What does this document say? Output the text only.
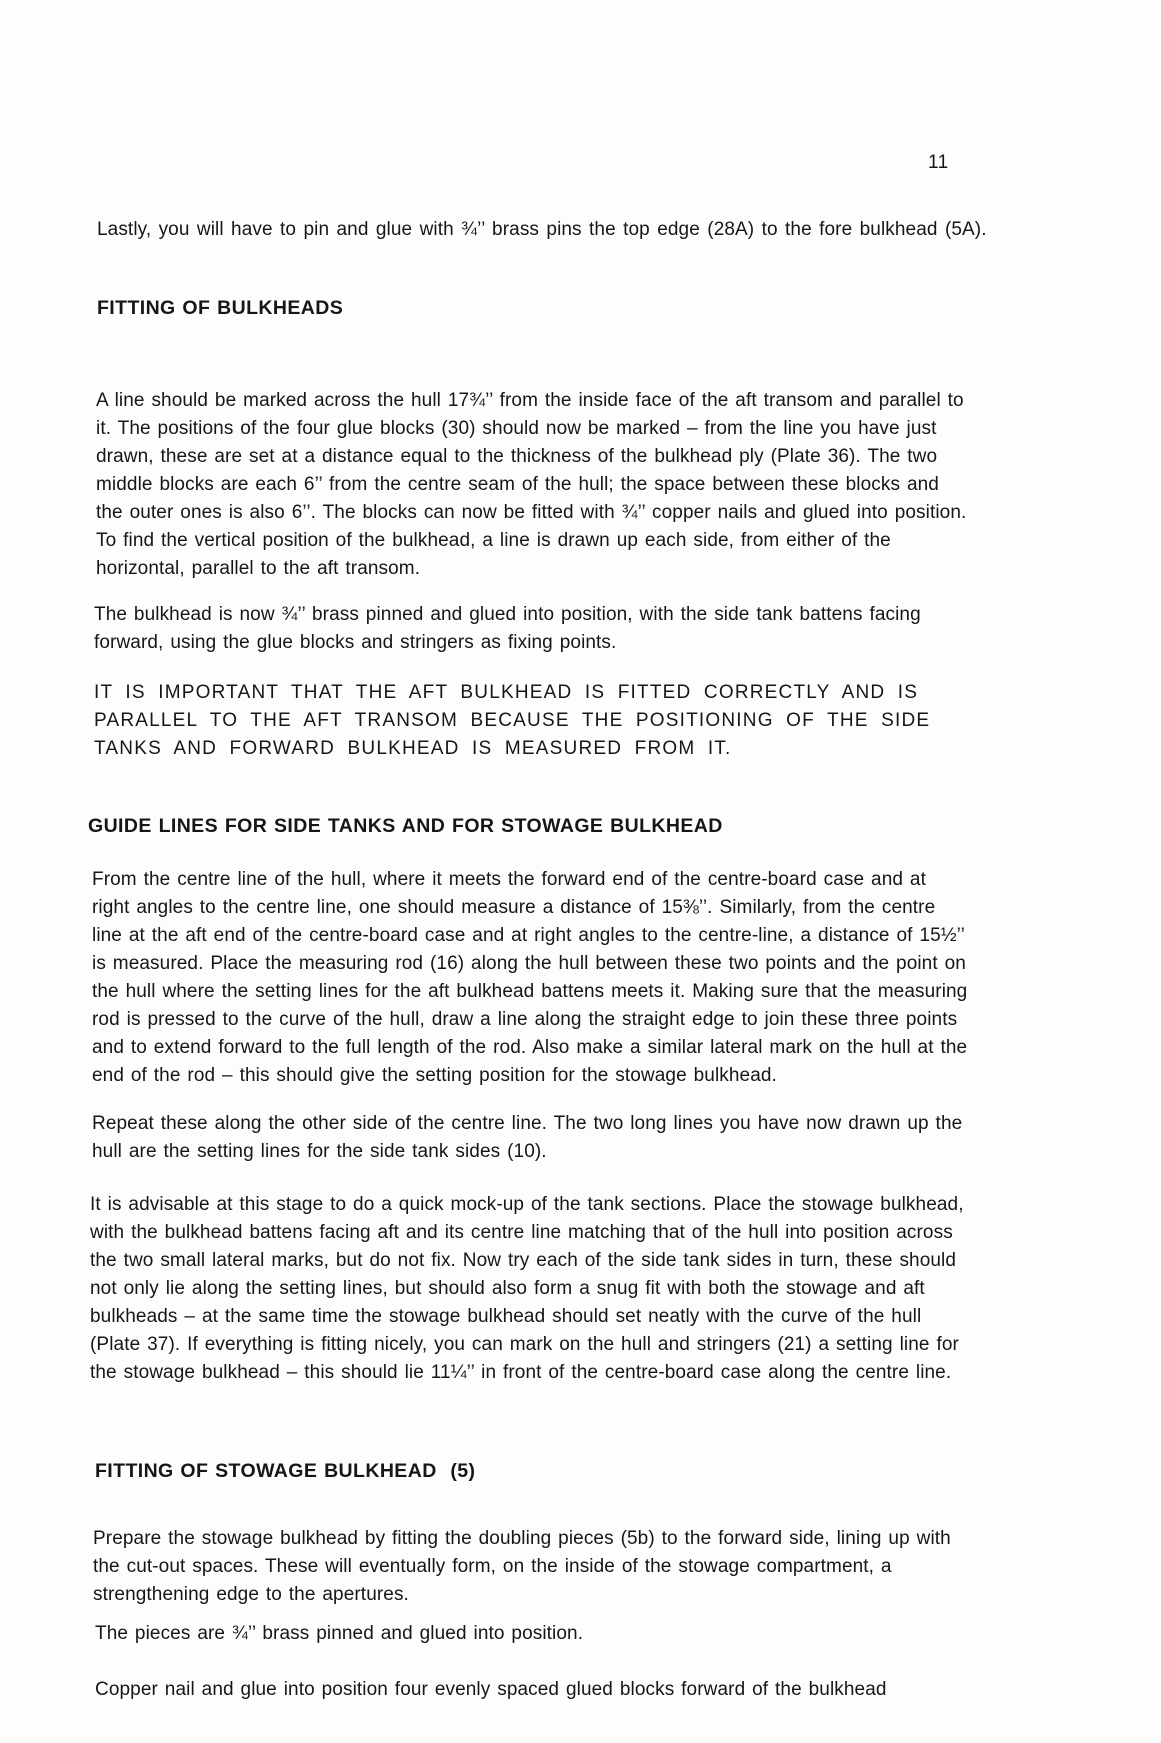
11
Lastly, you will have to pin and glue with ¾’’ brass pins the top edge (28A) to the fore bulkhead (5A).
FITTING OF BULKHEADS
A line should be marked across the hull 17¾’’ from the inside face of the aft transom and parallel to it. The positions of the four glue blocks (30) should now be marked – from the line you have just drawn, these are set at a distance equal to the thickness of the bulkhead ply (Plate 36). The two middle blocks are each 6’’ from the centre seam of the hull; the space between these blocks and the outer ones is also 6’’. The blocks can now be fitted with ¾’’ copper nails and glued into position. To find the vertical position of the bulkhead, a line is drawn up each side, from either of the horizontal, parallel to the aft transom.
The bulkhead is now ¾’’ brass pinned and glued into position, with the side tank battens facing forward, using the glue blocks and stringers as fixing points.
IT IS IMPORTANT THAT THE AFT BULKHEAD IS FITTED CORRECTLY AND IS PARALLEL TO THE AFT TRANSOM BECAUSE THE POSITIONING OF THE SIDE TANKS AND FORWARD BULKHEAD IS MEASURED FROM IT.
GUIDE LINES FOR SIDE TANKS AND FOR STOWAGE BULKHEAD
From the centre line of the hull, where it meets the forward end of the centre-board case and at right angles to the centre line, one should measure a distance of 15⅜’’. Similarly, from the centre line at the aft end of the centre-board case and at right angles to the centre-line, a distance of 15½’’ is measured. Place the measuring rod (16) along the hull between these two points and the point on the hull where the setting lines for the aft bulkhead battens meets it. Making sure that the measuring rod is pressed to the curve of the hull, draw a line along the straight edge to join these three points and to extend forward to the full length of the rod. Also make a similar lateral mark on the hull at the end of the rod – this should give the setting position for the stowage bulkhead.
Repeat these along the other side of the centre line. The two long lines you have now drawn up the hull are the setting lines for the side tank sides (10).
It is advisable at this stage to do a quick mock-up of the tank sections. Place the stowage bulkhead, with the bulkhead battens facing aft and its centre line matching that of the hull into position across the two small lateral marks, but do not fix. Now try each of the side tank sides in turn, these should not only lie along the setting lines, but should also form a snug fit with both the stowage and aft bulkheads – at the same time the stowage bulkhead should set neatly with the curve of the hull (Plate 37). If everything is fitting nicely, you can mark on the hull and stringers (21) a setting line for the stowage bulkhead – this should lie 11¼’’ in front of the centre-board case along the centre line.
FITTING OF STOWAGE BULKHEAD  (5)
Prepare the stowage bulkhead by fitting the doubling pieces (5b) to the forward side, lining up with the cut-out spaces. These will eventually form, on the inside of the stowage compartment, a strengthening edge to the apertures.
The pieces are ¾’’ brass pinned and glued into position.
Copper nail and glue into position four evenly spaced glued blocks forward of the bulkhead
